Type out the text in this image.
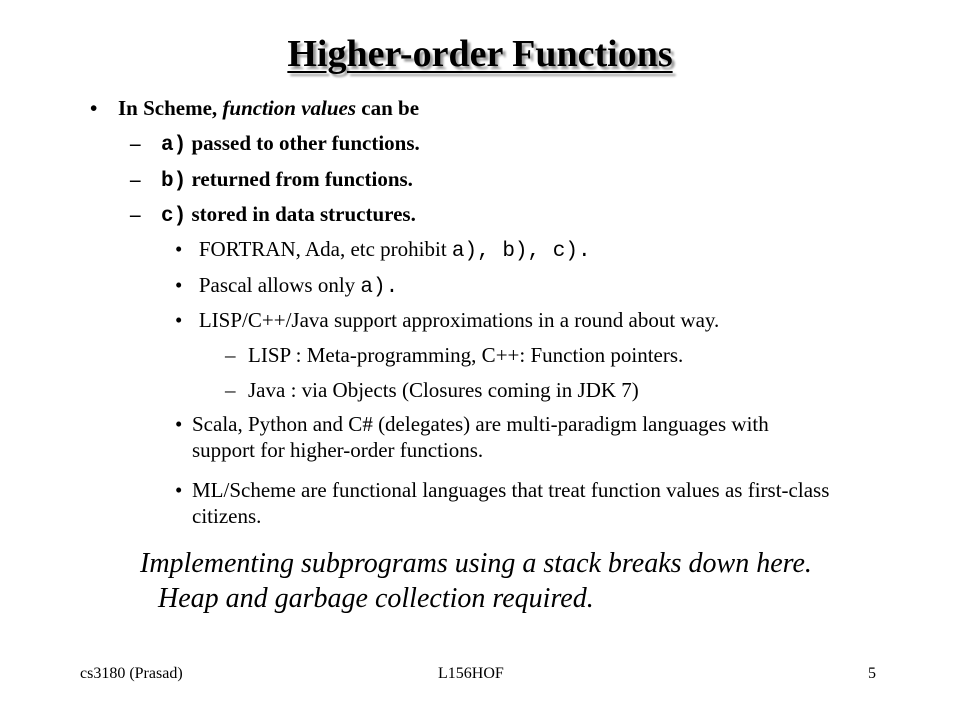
Higher-order Functions
• In Scheme, function values can be
– a) passed to other functions.
– b) returned from functions.
– c) stored in data structures.
• FORTRAN, Ada, etc prohibit a), b), c).
• Pascal allows only a).
• LISP/C++/Java support approximations in a round about way.
– LISP : Meta-programming, C++: Function pointers.
– Java : via Objects (Closures coming in JDK 7)
• Scala, Python and C# (delegates) are multi-paradigm languages with support for higher-order functions.
• ML/Scheme are functional languages that treat function values as first-class citizens.
Implementing subprograms using a stack breaks down here. Heap and garbage collection required.
cs3180 (Prasad)	L156HOF	5
